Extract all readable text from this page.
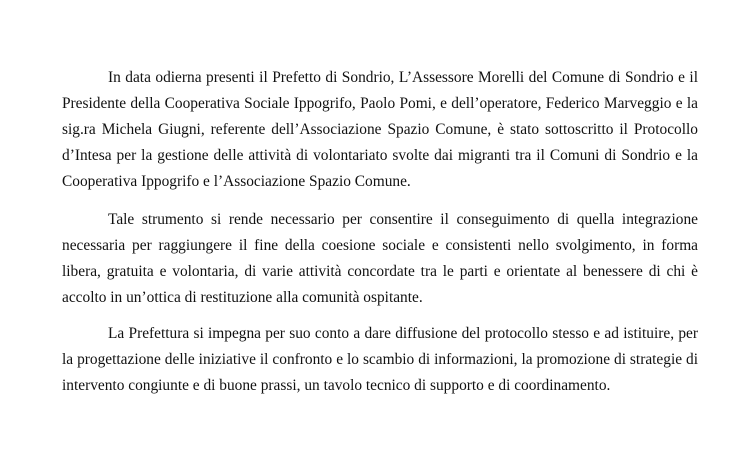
In data odierna presenti il Prefetto di Sondrio, L’Assessore Morelli del Comune di Sondrio e il Presidente della Cooperativa Sociale Ippogrifo, Paolo Pomi, e dell’operatore, Federico Marveggio e la sig.ra Michela Giugni, referente dell’Associazione Spazio Comune, è stato sottoscritto il Protocollo d’Intesa per la gestione delle attività di volontariato svolte dai migranti tra il Comuni di Sondrio e la Cooperativa Ippogrifo e l’Associazione Spazio Comune.

Tale strumento si rende necessario per consentire il conseguimento di quella integrazione necessaria per raggiungere il fine della coesione sociale e consistenti nello svolgimento, in forma libera, gratuita e volontaria, di varie attività concordate tra le parti e orientate al benessere di chi è accolto in un’ottica di restituzione alla comunità ospitante.

La Prefettura si impegna per suo conto a dare diffusione del protocollo stesso e ad istituire, per la progettazione delle iniziative il confronto e lo scambio di informazioni, la promozione di strategie di intervento congiunte e di buone prassi, un tavolo tecnico di supporto e di coordinamento.
